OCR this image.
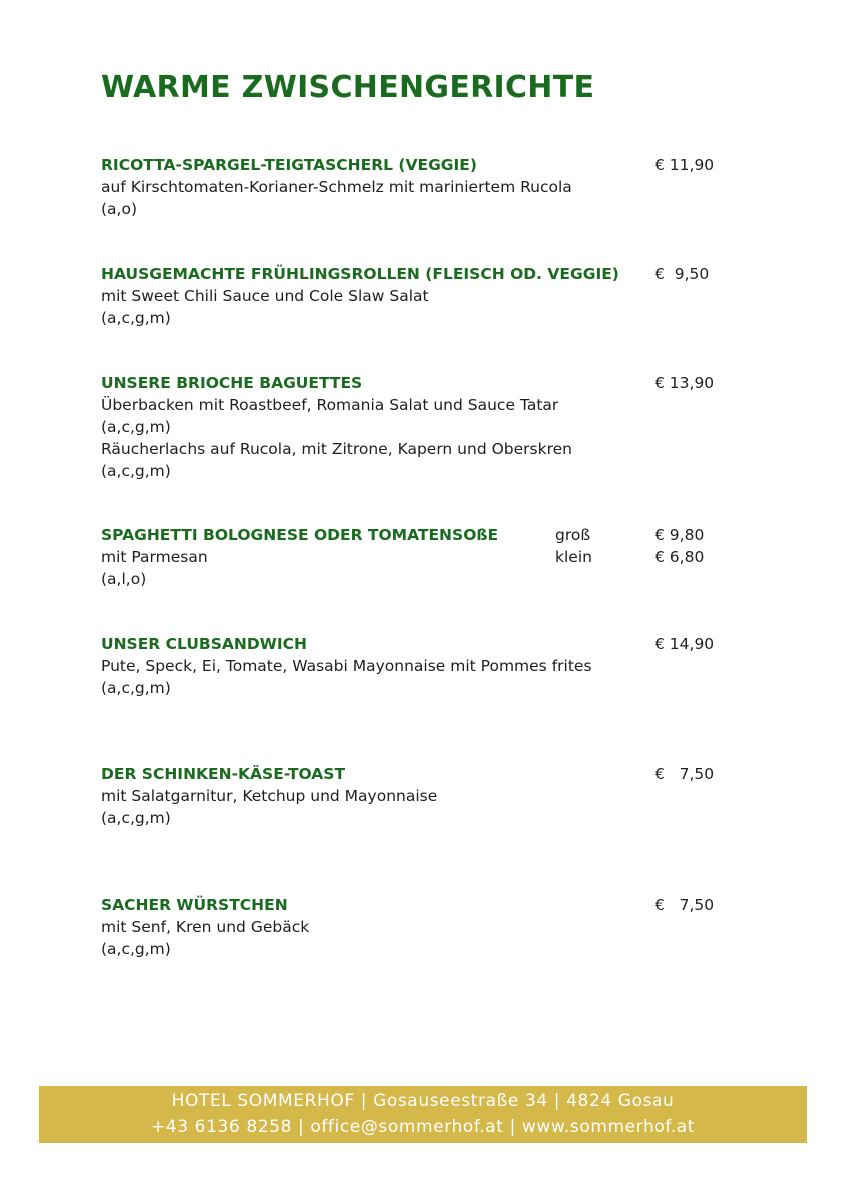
WARME ZWISCHENGERICHTE
RICOTTA-SPARGEL-TEIGTASCHERL (VEGGIE)	€ 11,90
auf Kirschtomaten-Korianer-Schmelz mit mariniertem Rucola
(a,o)
HAUSGEMACHTE FRÜHLINGSROLLEN (FLEISCH OD. VEGGIE)	€  9,50
mit Sweet Chili Sauce und Cole Slaw Salat
(a,c,g,m)
UNSERE BRIOCHE BAGUETTES	€ 13,90
Überbacken mit Roastbeef, Romania Salat und Sauce Tatar
(a,c,g,m)
Räucherlachs auf Rucola, mit Zitrone, Kapern und Oberskren
(a,c,g,m)
SPAGHETTI BOLOGNESE ODER TOMATENSOßE	groß	€ 9,80
klein	€ 6,80
mit Parmesan
(a,l,o)
UNSER CLUBSANDWICH	€ 14,90
Pute, Speck, Ei, Tomate, Wasabi Mayonnaise mit Pommes frites
(a,c,g,m)
DER SCHINKEN-KÄSE-TOAST	€   7,50
mit Salatgarnitur, Ketchup und Mayonnaise
(a,c,g,m)
SACHER WÜRSTCHEN	€   7,50
mit Senf, Kren und Gebäck
(a,c,g,m)
HOTEL SOMMERHOF | Gosauseestraße 34 | 4824 Gosau
+43 6136 8258 | office@sommerhof.at | www.sommerhof.at
